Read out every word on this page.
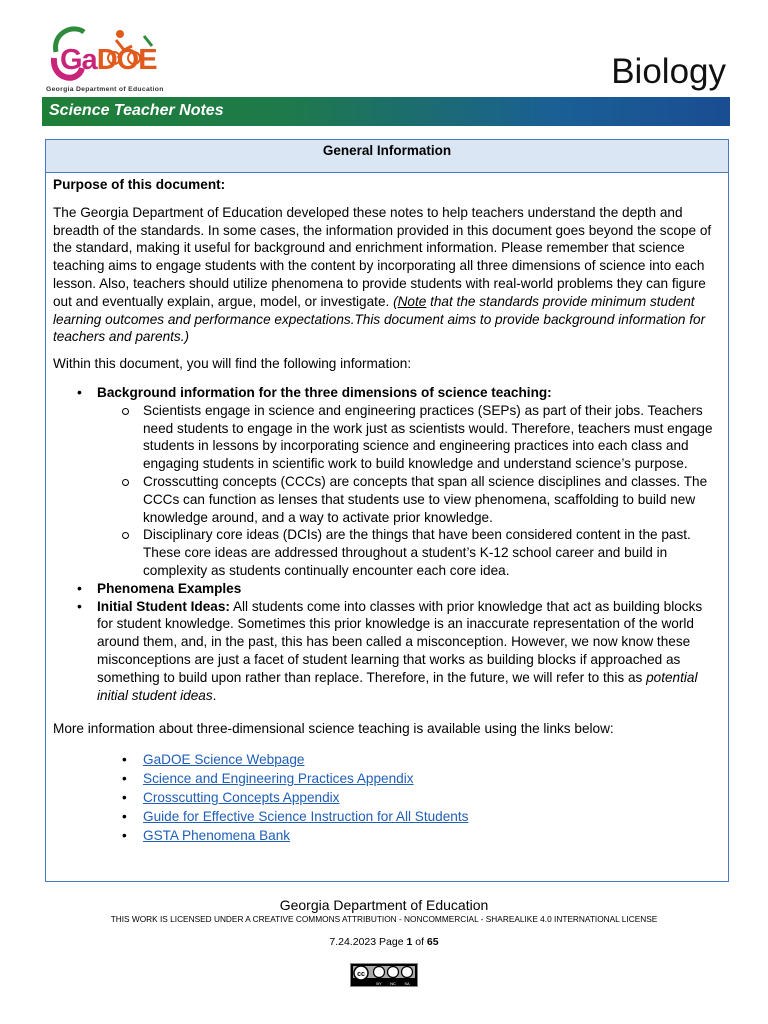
GaDOE
Georgia Department of Education	Biology
Science Teacher Notes
General Information
Purpose of this document:

The Georgia Department of Education developed these notes to help teachers understand the depth and breadth of the standards. In some cases, the information provided in this document goes beyond the scope of the standard, making it useful for background and enrichment information. Please remember that science teaching aims to engage students with the content by incorporating all three dimensions of science into each lesson. Also, teachers should utilize phenomena to provide students with real-world problems they can figure out and eventually explain, argue, model, or investigate. (Note that the standards provide minimum student learning outcomes and performance expectations.This document aims to provide background information for teachers and parents.)

Within this document, you will find the following information:

• Background information for the three dimensions of science teaching:
Scientists engage in science and engineering practices (SEPs) as part of their jobs. Teachers need students to engage in the work just as scientists would. Therefore, teachers must engage students in lessons by incorporating science and engineering practices into each class and engaging students in scientific work to build knowledge and understand science’s purpose.
Crosscutting concepts (CCCs) are concepts that span all science disciplines and classes. The CCCs can function as lenses that students use to view phenomena, scaffolding to build new knowledge around, and a way to activate prior knowledge.
Disciplinary core ideas (DCIs) are the things that have been considered content in the past. These core ideas are addressed throughout a student’s K-12 school career and build in complexity as students continually encounter each core idea.
• Phenomena Examples
• Initial Student Ideas: All students come into classes with prior knowledge that act as building blocks for student knowledge. Sometimes this prior knowledge is an inaccurate representation of the world around them, and, in the past, this has been called a misconception. However, we now know these misconceptions are just a facet of student learning that works as building blocks if approached as something to build upon rather than replace. Therefore, in the future, we will refer to this as potential initial student ideas.

More information about three-dimensional science teaching is available using the links below:

• GaDOE Science Webpage
• Science and Engineering Practices Appendix
• Crosscutting Concepts Appendix
• Guide for Effective Science Instruction for All Students
• GSTA Phenomena Bank
Georgia Department of Education
THIS WORK IS LICENSED UNDER A CREATIVE COMMONS ATTRIBUTION - NONCOMMERCIAL - SHAREALIKE 4.0 INTERNATIONAL LICENSE
7.24.2023 Page 1 of 65
cc
BY NC SA
